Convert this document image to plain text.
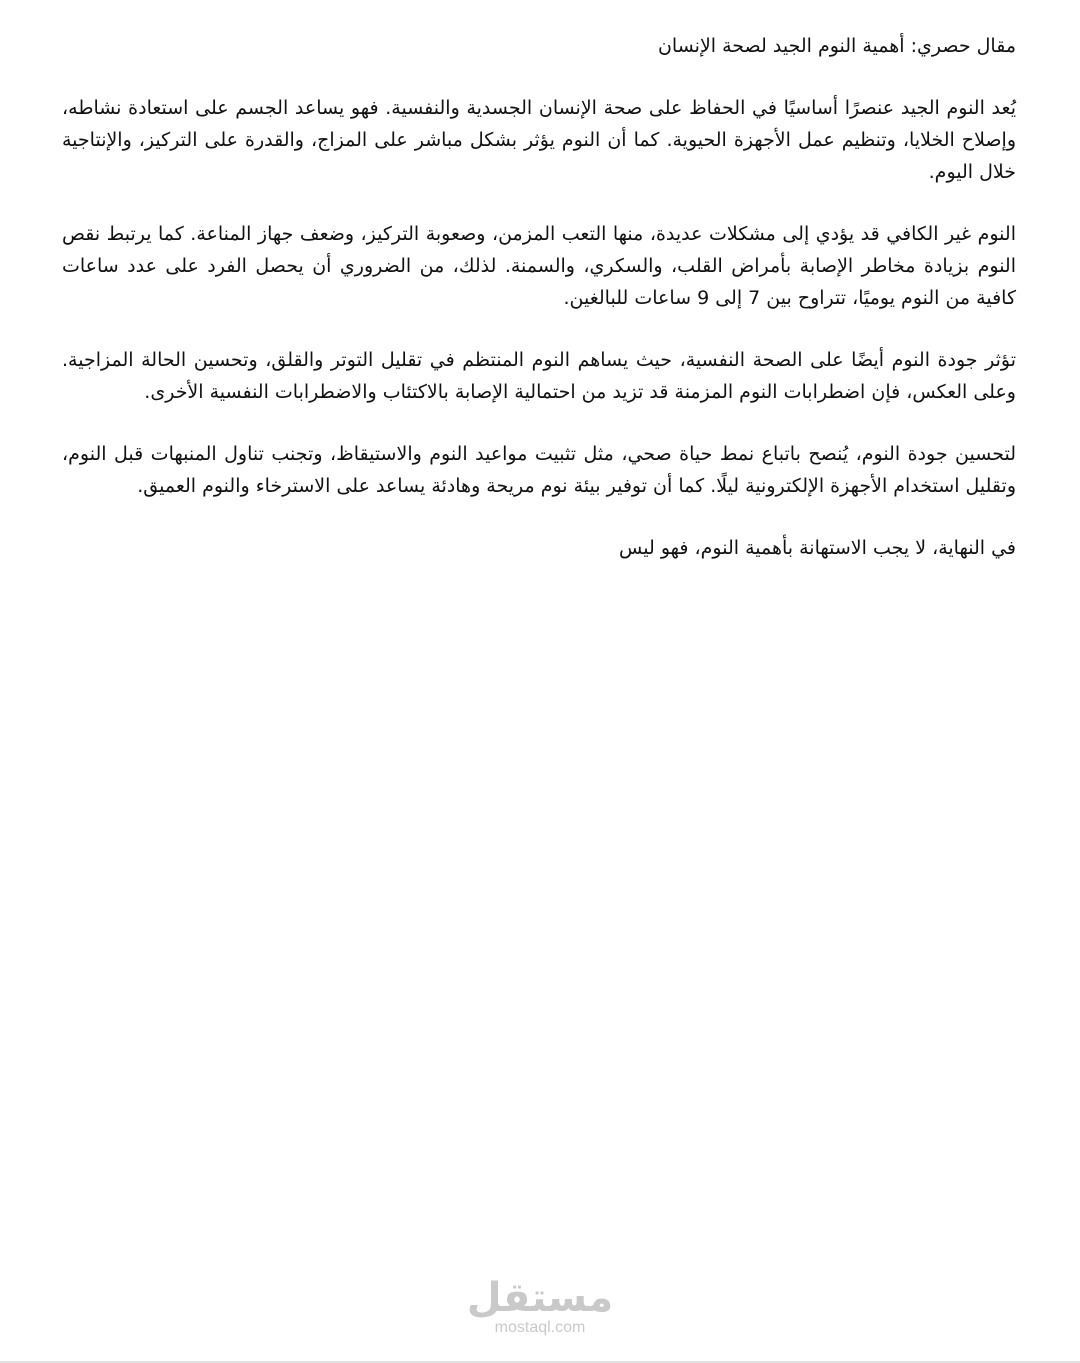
مقال حصري: أهمية النوم الجيد لصحة الإنسان

يُعد النوم الجيد عنصرًا أساسيًا في الحفاظ على صحة الإنسان الجسدية والنفسية. فهو يساعد الجسم على استعادة نشاطه، وإصلاح الخلايا، وتنظيم عمل الأجهزة الحيوية. كما أن النوم يؤثر بشكل مباشر على المزاج، والقدرة على التركيز، والإنتاجية خلال اليوم.

النوم غير الكافي قد يؤدي إلى مشكلات عديدة، منها التعب المزمن، وصعوبة التركيز، وضعف جهاز المناعة. كما يرتبط نقص النوم بزيادة مخاطر الإصابة بأمراض القلب، والسكري، والسمنة. لذلك، من الضروري أن يحصل الفرد على عدد ساعات كافية من النوم يوميًا، تتراوح بين 7 إلى 9 ساعات للبالغين.

تؤثر جودة النوم أيضًا على الصحة النفسية، حيث يساهم النوم المنتظم في تقليل التوتر والقلق، وتحسين الحالة المزاجية. وعلى العكس، فإن اضطرابات النوم المزمنة قد تزيد من احتمالية الإصابة بالاكتئاب والاضطرابات النفسية الأخرى.

لتحسين جودة النوم، يُنصح باتباع نمط حياة صحي، مثل تثبيت مواعيد النوم والاستيقاظ، وتجنب تناول المنبهات قبل النوم، وتقليل استخدام الأجهزة الإلكترونية ليلًا. كما أن توفير بيئة نوم مريحة وهادئة يساعد على الاسترخاء والنوم العميق.

في النهاية، لا يجب الاستهانة بأهمية النوم، فهو ليس

مستقل
mostaql.com
